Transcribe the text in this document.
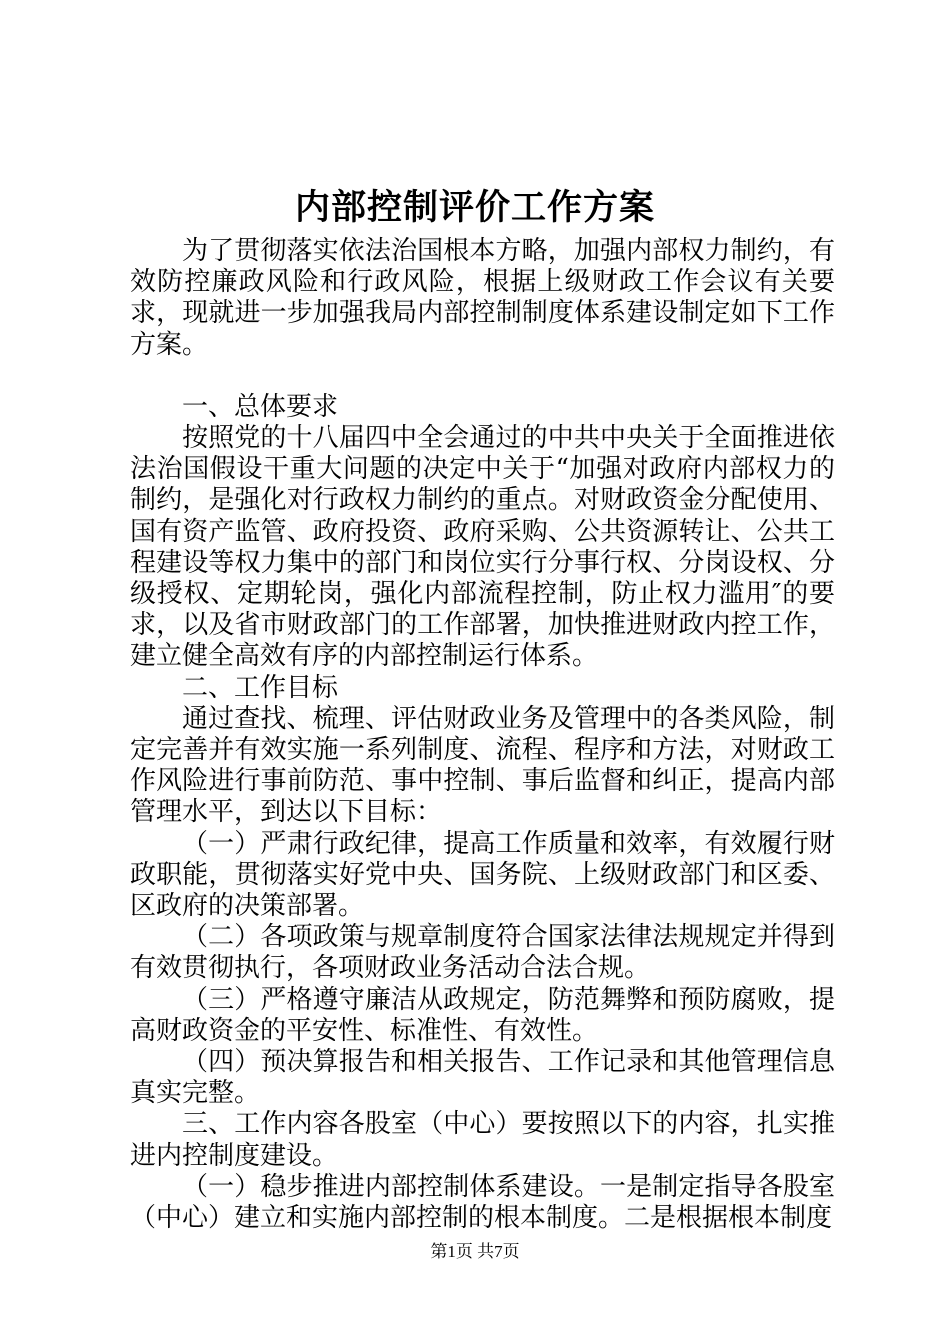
内部控制评价工作方案

为了贯彻落实依法治国根本方略，加强内部权力制约，有效防控廉政风险和行政风险，根据上级财政工作会议有关要求，现就进一步加强我局内部控制制度体系建设制定如下工作方案。

一、总体要求

按照党的十八届四中全会通过的中共中央关于全面推进依法治国假设干重大问题的决定中关于“加强对政府内部权力的制约，是强化对行政权力制约的重点。对财政资金分配使用、国有资产监管、政府投资、政府采购、公共资源转让、公共工程建设等权力集中的部门和岗位实行分事行权、分岗设权、分级授权、定期轮岗，强化内部流程控制，防止权力滥用″的要求，以及省市财政部门的工作部署，加快推进财政内控工作，建立健全高效有序的内部控制运行体系。

二、工作目标

通过查找、梳理、评估财政业务及管理中的各类风险，制定完善并有效实施一系列制度、流程、程序和方法，对财政工作风险进行事前防范、事中控制、事后监督和纠正，提高内部管理水平，到达以下目标：

（一）严肃行政纪律，提高工作质量和效率，有效履行财政职能，贯彻落实好党中央、国务院、上级财政部门和区委、区政府的决策部署。

（二）各项政策与规章制度符合国家法律法规规定并得到有效贯彻执行，各项财政业务活动合法合规。

（三）严格遵守廉洁从政规定，防范舞弊和预防腐败，提高财政资金的平安性、标准性、有效性。

（四）预决算报告和相关报告、工作记录和其他管理信息真实完整。

三、工作内容各股室（中心）要按照以下的内容，扎实推进内控制度建设。

（一）稳步推进内部控制体系建设。一是制定指导各股室（中心）建立和实施内部控制的根本制度。二是根据根本制度

第1页 共7页
